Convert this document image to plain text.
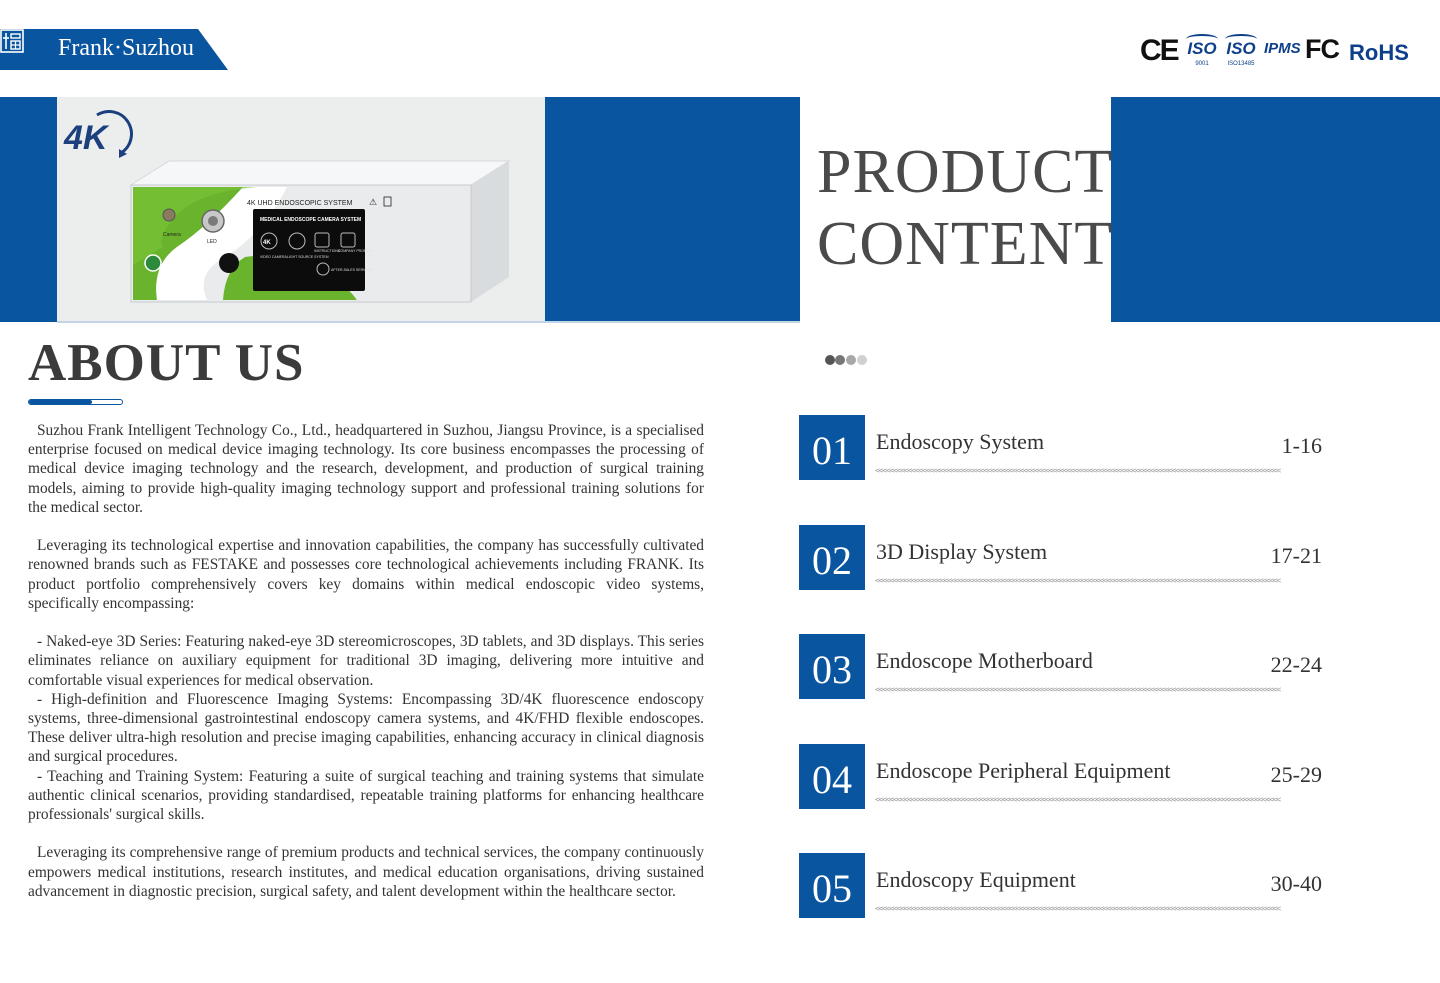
Frank·Suzhou	CE ISO
9001
ISO
ISO13485
IPMS FC RoHS
4K
4K UHD ENDOSCOPIC SYSTEM ⚠
Camera
LED
MEDICAL ENDOSCOPE CAMERA SYSTEM
4K
VIDEO CAMERA LIGHT SOURCE SYSTEM
INSTRUCTIONS
COMPANY PROFILE
AFTER-SALES SERVICE
PRODUCT
CONTENT
ABOUT US

Suzhou Frank Intelligent Technology Co., Ltd., headquartered in Suzhou, Jiangsu Province, is a specialised enterprise focused on medical device imaging technology. Its core business encompasses the processing of medical device imaging technology and the research, development, and production of surgical training models, aiming to provide high-quality imaging technology support and professional training solutions for the medical sector.

Leveraging its technological expertise and innovation capabilities, the company has successfully cultivated renowned brands such as FESTAKE and possesses core technological achievements including FRANK. Its product portfolio comprehensively covers key domains within medical endoscopic video systems, specifically encompassing:

- Naked-eye 3D Series: Featuring naked-eye 3D stereomicroscopes, 3D tablets, and 3D displays. This series eliminates reliance on auxiliary equipment for traditional 3D imaging, delivering more intuitive and comfortable visual experiences for medical observation.

- High-definition and Fluorescence Imaging Systems: Encompassing 3D/4K fluorescence endoscopy systems, three-dimensional gastrointestinal endoscopy camera systems, and 4K/FHD flexible endoscopes. These deliver ultra-high resolution and precise imaging capabilities, enhancing accuracy in clinical diagnosis and surgical procedures.

- Teaching and Training System: Featuring a suite of surgical teaching and training systems that simulate authentic clinical scenarios, providing standardised, repeatable training platforms for enhancing healthcare professionals' surgical skills.

Leveraging its comprehensive range of premium products and technical services, the company continuously empowers medical institutions, research institutes, and medical education organisations, driving sustained advancement in diagnostic precision, surgical safety, and talent development within the healthcare sector.

01	Endoscopy System	1-16
<<<<<<<<<<<<<<<<<<<<<<<<<<<<<<<<<<<<<<<<<<<<<<<<<<<<<<<<<<<<<<<<<<<<<<<<<<<<<<<<<<<<<<<<<<<<<<<<<<<<<<<<<<<<<<<<
02	3D Display System	17-21
<<<<<<<<<<<<<<<<<<<<<<<<<<<<<<<<<<<<<<<<<<<<<<<<<<<<<<<<<<<<<<<<<<<<<<<<<<<<<<<<<<<<<<<<<<<<<<<<<<<<<<<<<<<<<<<<
03	Endoscope Motherboard	22-24
<<<<<<<<<<<<<<<<<<<<<<<<<<<<<<<<<<<<<<<<<<<<<<<<<<<<<<<<<<<<<<<<<<<<<<<<<<<<<<<<<<<<<<<<<<<<<<<<<<<<<<<<<<<<<<<<
04	Endoscope Peripheral Equipment	25-29
<<<<<<<<<<<<<<<<<<<<<<<<<<<<<<<<<<<<<<<<<<<<<<<<<<<<<<<<<<<<<<<<<<<<<<<<<<<<<<<<<<<<<<<<<<<<<<<<<<<<<<<<<<<<<<<<
05	Endoscopy Equipment	30-40
<<<<<<<<<<<<<<<<<<<<<<<<<<<<<<<<<<<<<<<<<<<<<<<<<<<<<<<<<<<<<<<<<<<<<<<<<<<<<<<<<<<<<<<<<<<<<<<<<<<<<<<<<<<<<<<<
